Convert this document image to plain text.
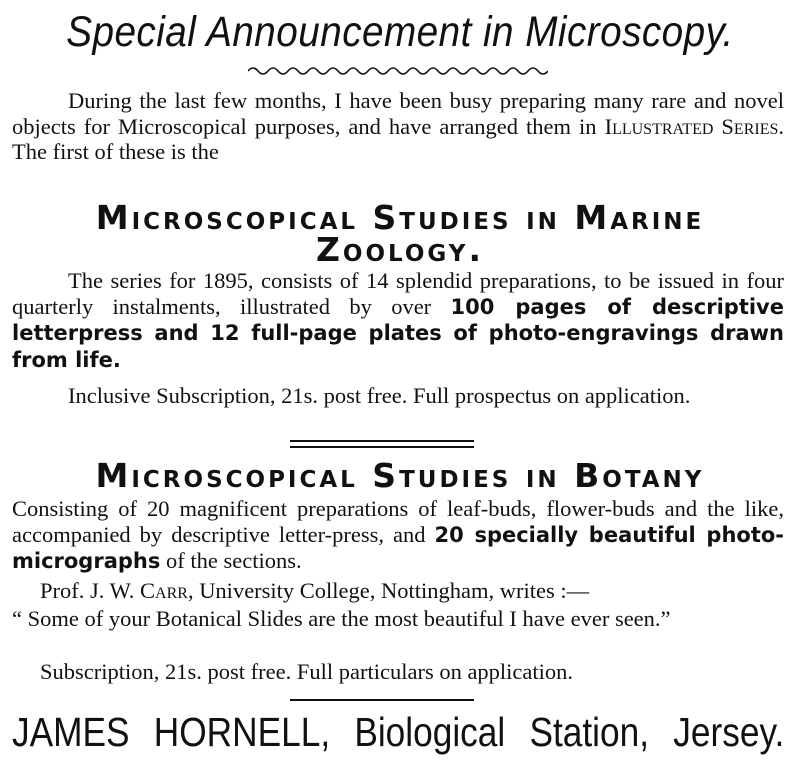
Special Announcement in Microscopy.

During the last few months, I have been busy preparing many rare and novel objects for Microscopical purposes, and have arranged them in Illustrated Series. The first of these is the

Microscopical Studies in Marine Zoology.

The series for 1895, consists of 14 splendid preparations, to be issued in four quarterly instalments, illustrated by over 100 pages of descriptive letterpress and 12 full-page plates of photo-engravings drawn from life.

Inclusive Subscription, 21s. post free. Full prospectus on application.

Microscopical Studies in Botany

Consisting of 20 magnificent preparations of leaf-buds, flower-buds and the like, accompanied by descriptive letter-press, and 20 specially beautiful photo-micrographs of the sections.

Prof. J. W. Carr, University College, Nottingham, writes :—

“ Some of your Botanical Slides are the most beautiful I have ever seen.”

Subscription, 21s. post free. Full particulars on application.

JAMES HORNELL, Biological Station, Jersey.
